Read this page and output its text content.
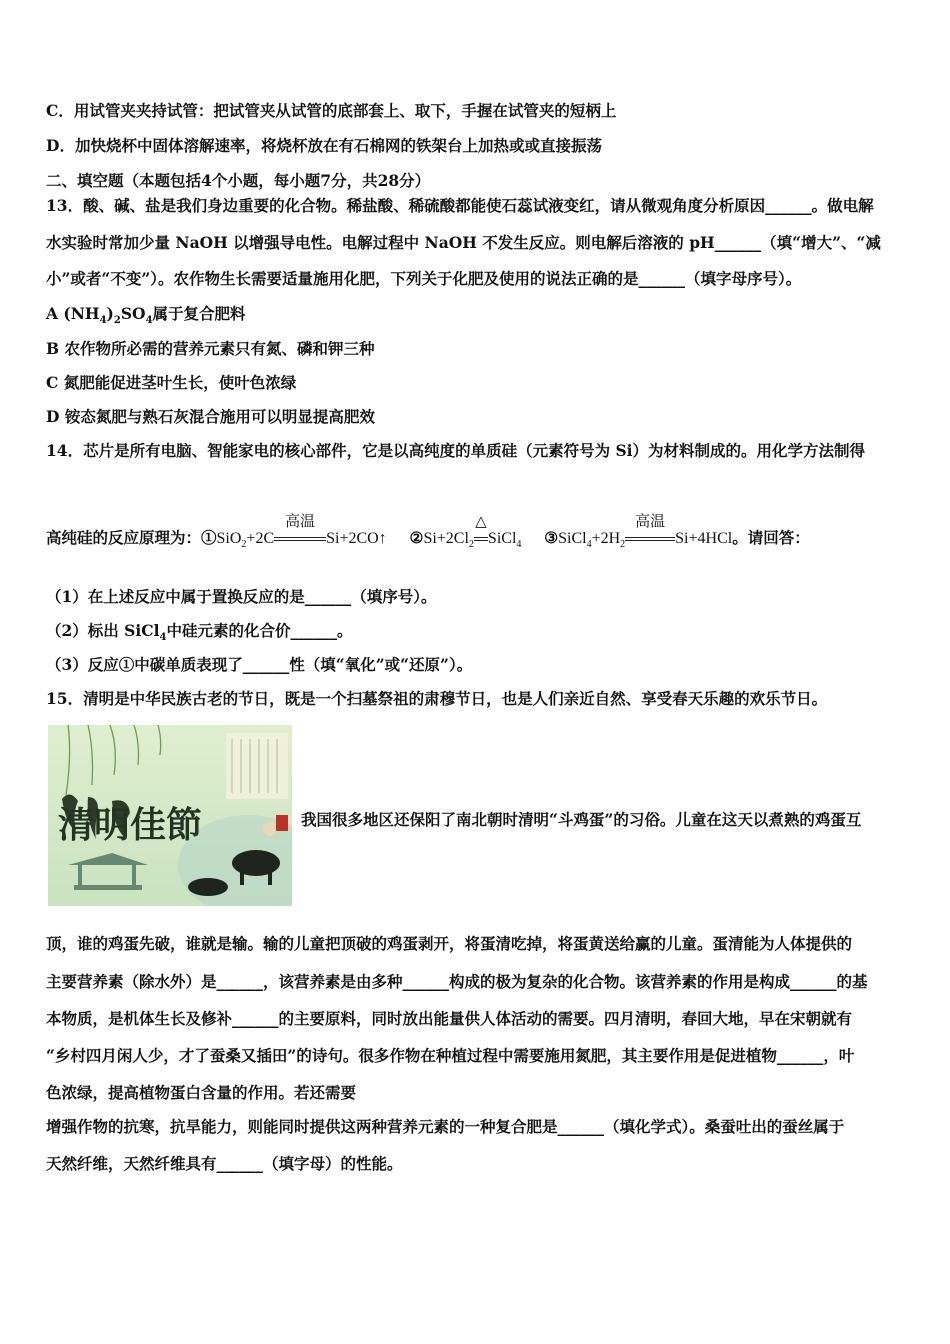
C．用试管夹夹持试管：把试管夹从试管的底部套上、取下，手握在试管夹的短柄上
D．加快烧杯中固体溶解速率，将烧杯放在有石棉网的铁架台上加热或或直接振荡
二、填空题（本题包括4个小题，每小题7分，共28分）
13．酸、碱、盐是我们身边重要的化合物。稀盐酸、稀硫酸都能使石蕊试液变红，请从微观角度分析原因______。做电解
水实验时常加少量 NaOH 以增强导电性。电解过程中 NaOH 不发生反应。则电解后溶液的 pH______（填“增大”、“减
小”或者“不变”）。农作物生长需要适量施用化肥，下列关于化肥及使用的说法正确的是______（填字母序号）。
A $(NH_4)_2SO_4$属于复合肥料
B 农作物所必需的营养元素只有氮、磷和钾三种
C 氮肥能促进茎叶生长，使叶色浓绿
D 铵态氮肥与熟石灰混合施用可以明显提高肥效
14．芯片是所有电脑、智能家电的核心部件，它是以高纯度的单质硅（元素符号为 Si）为材料制成的。用化学方法制得
高纯硅的反应原理为：①SiO$_2$+2C
高温
Si+2CO↑ $②Si+2Cl_2$
△
SiCl$_4$ $③SiCl_4+2H_2$
高温
Si+4HCl。请回答：
（1）在上述反应中属于置换反应的是______（填序号）。
（2）标出 SiCl$_4$中硅元素的化合价______。
（3）反应①中碳单质表现了______性（填“氧化”或“还原”）。
15．清明是中华民族古老的节日，既是一个扫墓祭祖的肃穆节日，也是人们亲近自然、享受春天乐趣的欢乐节日。
清明佳節	我国很多地区还保阳了南北朝时清明“斗鸡蛋”的习俗。儿童在这天以煮熟的鸡蛋互
顶，谁的鸡蛋先破，谁就是输。输的儿童把顶破的鸡蛋剥开，将蛋清吃掉，将蛋黄送给赢的儿童。蛋清能为人体提供的
主要营养素（除水外）是______，该营养素是由多种______构成的极为复杂的化合物。该营养素的作用是构成______的基
本物质，是机体生长及修补______的主要原料，同时放出能量供人体活动的需要。四月清明，春回大地，早在宋朝就有
“乡村四月闲人少，才了蚕桑又插田”的诗句。很多作物在种植过程中需要施用氮肥，其主要作用是促进植物______，叶
色浓绿，提高植物蛋白含量的作用。若还需要
增强作物的抗寒，抗旱能力，则能同时提供这两种营养元素的一种复合肥是______（填化学式）。桑蚕吐出的蚕丝属于
天然纤维，天然纤维具有______（填字母）的性能。
